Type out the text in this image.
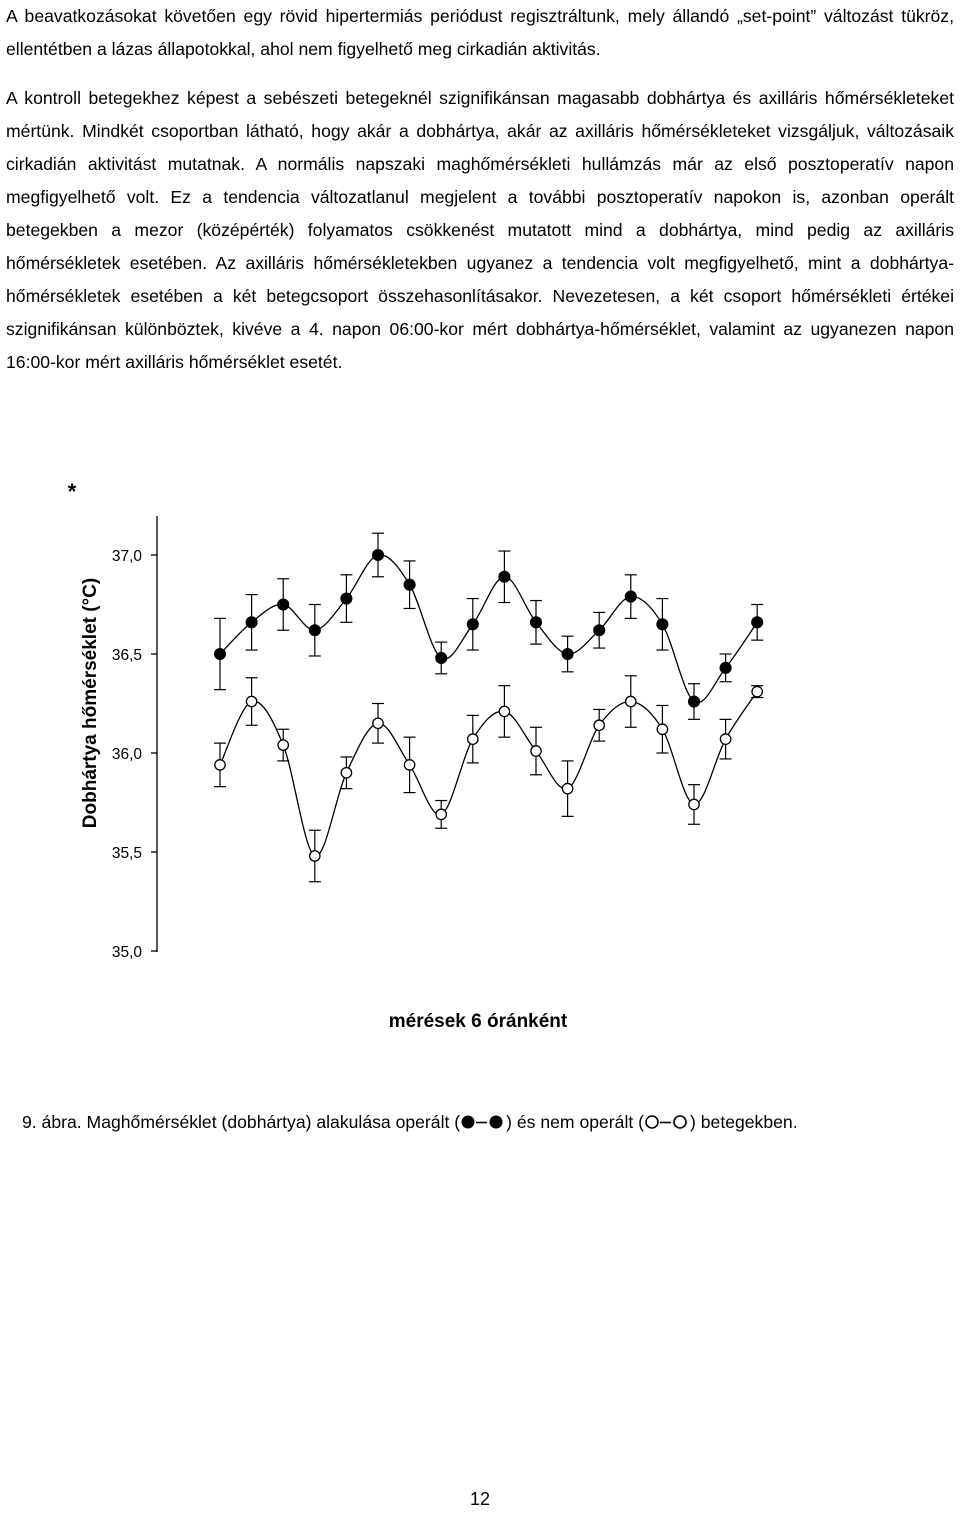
A beavatkozásokat követően egy rövid hipertermiás periódust regisztráltunk, mely állandó „set-point” változást tükröz, ellentétben a lázas állapotokkal, ahol nem figyelhető meg cirkadián aktivitás.

A kontroll betegekhez képest a sebészeti betegeknél szignifikánsan magasabb dobhártya és axilláris hőmérsékleteket mértünk. Mindkét csoportban látható, hogy akár a dobhártya, akár az axilláris hőmérsékleteket vizsgáljuk, változásaik cirkadián aktivitást mutatnak. A normális napszaki maghőmérsékleti hullámzás már az első posztoperatív napon megfigyelhető volt. Ez a tendencia változatlanul megjelent a további posztoperatív napokon is, azonban operált betegekben a mezor (középérték) folyamatos csökkenést mutatott mind a dobhártya, mind pedig az axilláris hőmérsékletek esetében. Az axilláris hőmérsékletekben ugyanez a tendencia volt megfigyelhető, mint a dobhártya-hőmérsékletek esetében a két betegcsoport összehasonlításakor. Nevezetesen, a két csoport hőmérsékleti értékei szignifikánsan különböztek, kivéve a 4. napon 06:00-kor mért dobhártya-hőmérséklet, valamint az ugyanezen napon 16:00-kor mért axilláris hőmérséklet esetét.

*
Dobhártya hőmérséklet (°C)
mérések 6 óránként
37,0
36,5
36,0
35,5
35,0
9. ábra. Maghőmérséklet (dobhártya) alakulása operált (	) és nem operált (	) betegekben.
12
